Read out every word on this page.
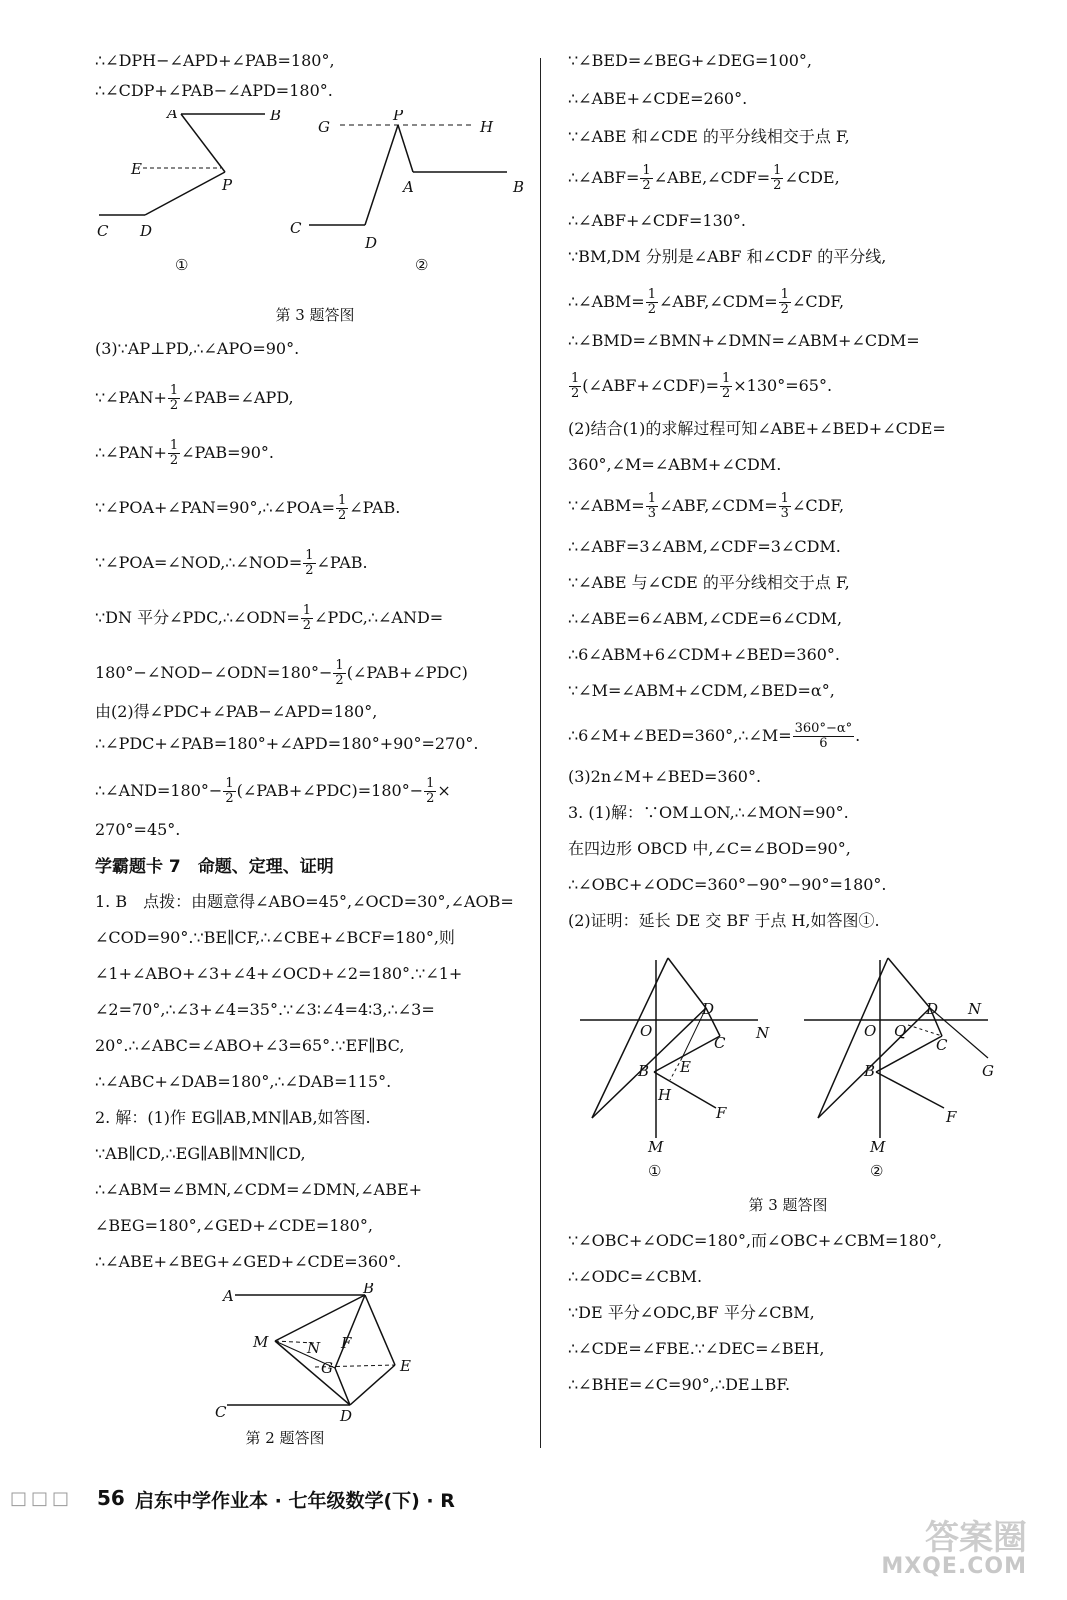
∴∠DPH−∠APD+∠PAB=180°,

∴∠CDP+∠PAB−∠APD=180°.

A	B
E
P
C D
①
G
P
H
A	B
C
D
②

第 3 题答图

(3)∵AP⊥PD,∴∠APO=90°.

∵∠PAN+ $\frac{1}{2}$ ∠PAB=∠APD,

∴∠PAN+ $\frac{1}{2}$ ∠PAB=90°.

∵∠POA+∠PAN=90°,∴∠POA= $\frac{1}{2}$ ∠PAB.

∵∠POA=∠NOD,∴∠NOD= $\frac{1}{2}$ ∠PAB.

∵DN 平分∠PDC,∴∠ODN= $\frac{1}{2}$ ∠PDC,∴∠AND=

180°−∠NOD−∠ODN=180°− $\frac{1}{2}$ (∠PAB+∠PDC)

由(2)得∠PDC+∠PAB−∠APD=180°,

∴∠PDC+∠PAB=180°+∠APD=180°+90°=270°.

∴∠AND=180°− $\frac{1}{2}$ (∠PAB+∠PDC)=180°− $\frac{1}{2}$ ×

270°=45°.

学霸题卡 7　命题、定理、证明

1. B　点拨：由题意得∠ABO=45°,∠OCD=30°,∠AOB=

∠COD=90°.∵BE∥CF,∴∠CBE+∠BCF=180°,则

∠1+∠ABO+∠3+∠4+∠OCD+∠2=180°.∵∠1+

∠2=70°,∴∠3+∠4=35°.∵∠3∶∠4=4∶3,∴∠3=

20°.∴∠ABC=∠ABO+∠3=65°.∵EF∥BC,

∴∠ABC+∠DAB=180°,∴∠DAB=115°.

2. 解：(1)作 EG∥AB,MN∥AB,如答图.

∵AB∥CD,∴EG∥AB∥MN∥CD,

∴∠ABM=∠BMN,∠CDM=∠DMN,∠ABE+

∠BEG=180°,∠GED+∠CDE=180°,

∴∠ABE+∠BEG+∠GED+∠CDE=360°.

A	B
M	N F
G	E
C	D

第 2 题答图

∵∠BED=∠BEG+∠DEG=100°,

∴∠ABE+∠CDE=260°.

∵∠ABE 和∠CDE 的平分线相交于点 F,

∴∠ABF= $\frac{1}{2}$ ∠ABE,∠CDF= $\frac{1}{2}$ ∠CDE,

∴∠ABF+∠CDF=130°.

∵BM,DM 分别是∠ABF 和∠CDF 的平分线,

∴∠ABM= $\frac{1}{2}$ ∠ABF,∠CDM= $\frac{1}{2}$ ∠CDF,

∴∠BMD=∠BMN+∠DMN=∠ABM+∠CDM=

$\frac{1}{2}$ (∠ABF+∠CDF)= $\frac{1}{2} \times 130^\circ=65^\circ$.

(2)结合(1)的求解过程可知∠ABE+∠BED+∠CDE=

360°,∠M=∠ABM+∠CDM.

∵∠ABM= $\frac{1}{3}$ ∠ABF,∠CDM= $\frac{1}{3}$ ∠CDF,

∴∠ABF=3∠ABM,∠CDF=3∠CDM.

∵∠ABE 与∠CDE 的平分线相交于点 F,

∴∠ABE=6∠ABM,∠CDE=6∠CDM,

∴6∠ABM+6∠CDM+∠BED=360°.

∵∠M=∠ABM+∠CDM,∠BED=α°,

∴6∠M+∠BED=360°,∴∠M= $\frac{360^\circ-\alpha^\circ}{6}$ .

(3)2n∠M+∠BED=360°.

3. (1)解：∵OM⊥ON,∴∠MON=90°.

在四边形 OBCD 中,∠C=∠BOD=90°,

∴∠OBC+∠ODC=360°−90°−90°=180°.

(2)证明：延长 DE 交 BF 于点 H,如答图①.

O
D
N
C
E
B
H
F
M
①
O Q
D N
C
G
B
F
M
②

第 3 题答图

∵∠OBC+∠ODC=180°,而∠OBC+∠CBM=180°,

∴∠ODC=∠CBM.

∵DE 平分∠ODC,BF 平分∠CBM,

∴∠CDE=∠FBE.∵∠DEC=∠BEH,

∴∠BHE=∠C=90°,∴DE⊥BF.

□□□ 56 启东中学作业本 · 七年级数学(下) · R
答案圈
MXQE.COM
